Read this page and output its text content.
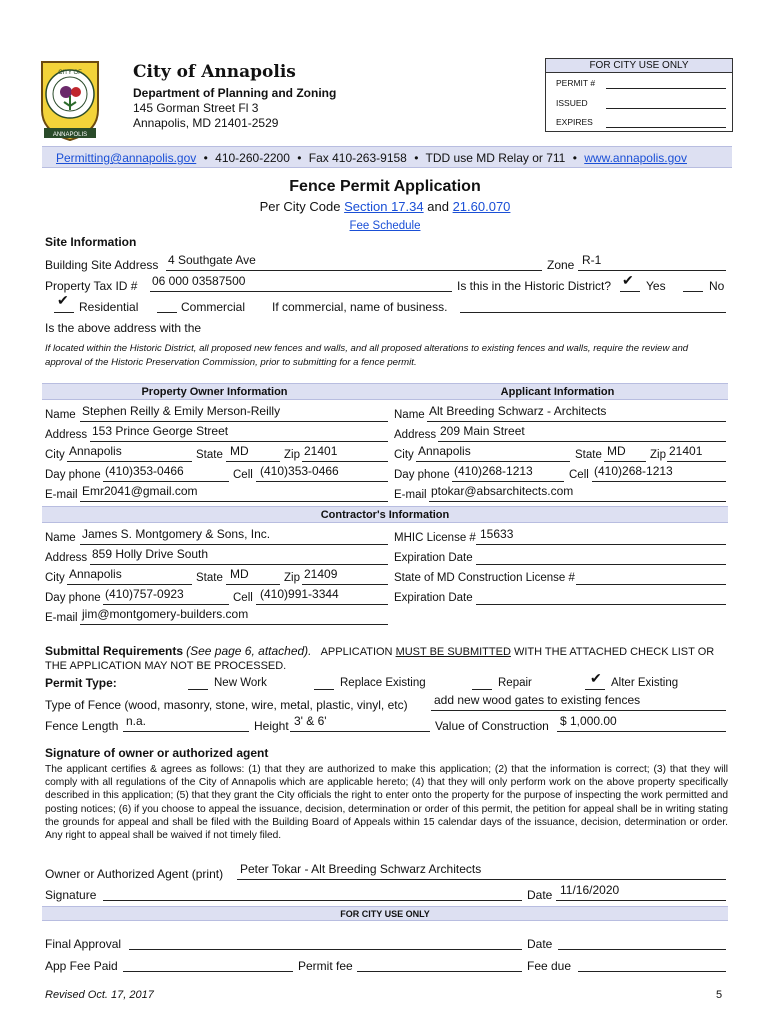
ANNAPOLIS
CITY OF	City of Annapolis
Department of Planning and Zoning
145 Gorman Street Fl 3
Annapolis, MD 21401-2529
FOR CITY USE ONLY
PERMIT #
ISSUED
EXPIRES
Permitting@annapolis.gov • 410-260-2200 • Fax 410-263-9158 • TDD use MD Relay or 711 • www.annapolis.gov
Fence Permit Application
Per City Code Section 17.34 and 21.60.070
Fee Schedule
Site Information
Building Site Address 4 Southgate Ave	Zone R-1
Property Tax ID # 06 000 03587500	Is this in the Historic District? ✔ Yes	No
✔ Residential	Commercial If commercial, name of business.
Is the above address with the
If located within the Historic District, all proposed new fences and walls, and all proposed alterations to existing fences and walls, require the review and approval of the Historic Preservation Commission, prior to submitting for a fence permit.
Property Owner Information	Applicant Information
Name Stephen Reilly & Emily Merson-Reilly
Address 153 Prince George Street
City Annapolis	State MD	Zip 21401
Day phone (410)353-0466	Cell (410)353-0466
E-mail Emr2041@gmail.com
Name Alt Breeding Schwarz - Architects
Address 209 Main Street
City Annapolis	State MD Zip 21401
Day phone (410)268-1213	Cell (410)268-1213
E-mail ptokar@absarchitects.com
Contractor's Information
Name James S. Montgomery & Sons, Inc.	MHIC License # 15633
Address 859 Holly Drive South	Expiration Date
City Annapolis	State MD	Zip 21409	State of MD Construction License #
Day phone (410)757-0923	Cell (410)991-3344	Expiration Date
E-mail jim@montgomery-builders.com
Submittal Requirements (See page 6, attached). APPLICATION MUST BE SUBMITTED WITH THE ATTACHED CHECK LIST OR THE APPLICATION MAY NOT BE PROCESSED.
Permit Type:	New Work	Replace Existing	Repair	✔ Alter Existing
Type of Fence (wood, masonry, stone, wire, metal, plastic, vinyl, etc) add new wood gates to existing fences
Fence Length n.a.	Height 3' & 6'	Value of Construction $ 1,000.00
Signature of owner or authorized agent
The applicant certifies & agrees as follows: (1) that they are authorized to make this application; (2) that the information is correct; (3) that they will comply with all regulations of the City of Annapolis which are applicable hereto; (4) that they will only perform work on the above property specifically described in this application; (5) that they grant the City officials the right to enter onto the property for the purpose of inspecting the work permitted and posting notices; (6) if you choose to appeal the issuance, decision, determination or order of this permit, the petition for appeal shall be in writing stating the grounds for appeal and shall be filed with the Building Board of Appeals within 15 calendar days of the issuance, decision, determination or order. Any right to appeal shall be waived if not timely filed.
Owner or Authorized Agent (print) Peter Tokar - Alt Breeding Schwarz Architects
Signature	Date 11/16/2020
FOR CITY USE ONLY
Final Approval	Date
App Fee Paid	Permit fee	Fee due
Revised Oct. 17, 2017	5
